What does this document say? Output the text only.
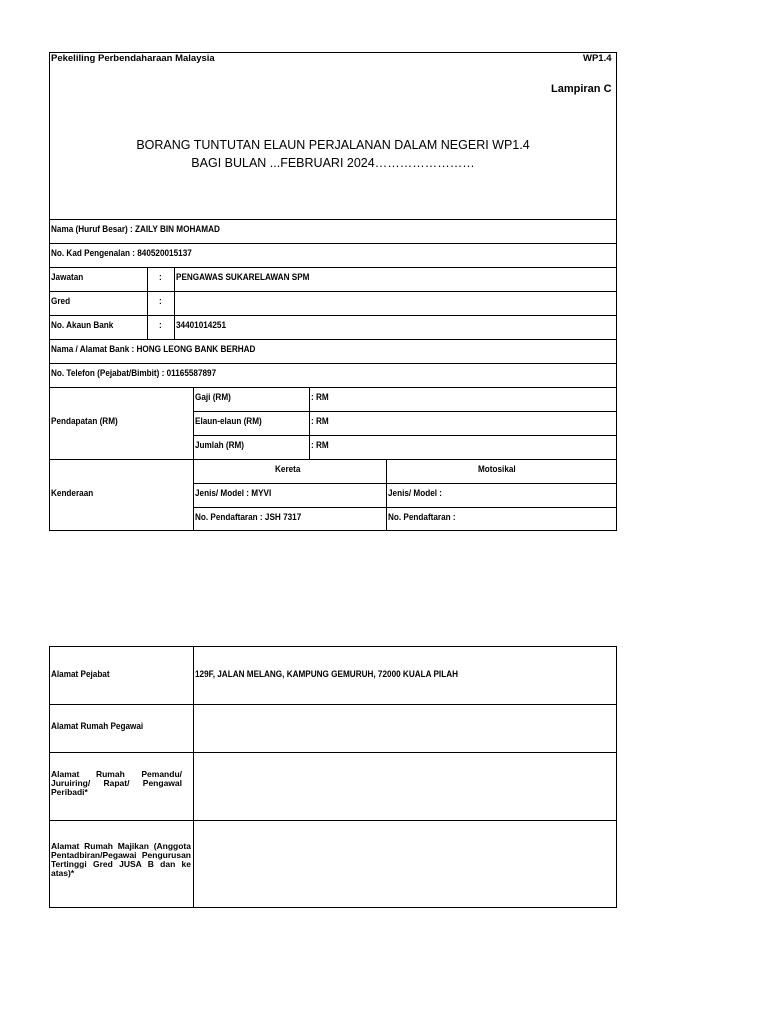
Pekeliling Perbendaharaan Malaysia	WP1.4
Lampiran C
BORANG TUNTUTAN ELAUN PERJALANAN DALAM NEGERI WP1.4
BAGI BULAN ...FEBRUARI 2024……………………
Nama (Huruf Besar) : ZAILY BIN MOHAMAD
No. Kad Pengenalan : 840520015137
Jawatan	: PENGAWAS SUKARELAWAN SPM
Gred	:
No. Akaun Bank	: 34401014251
Nama / Alamat Bank : HONG LEONG BANK BERHAD
No. Telefon (Pejabat/Bimbit) : 01165587897
Pendapatan (RM)
Gaji (RM)	: RM
Elaun-elaun (RM)	: RM
Jumlah (RM)	: RM
Kenderaan
Kereta	Motosikal
Jenis/ Model : MYVI	Jenis/ Model :
No. Pendaftaran : JSH 7317	No. Pendaftaran :
Alamat Pejabat	129F, JALAN MELANG, KAMPUNG GEMURUH, 72000 KUALA PILAH
Alamat Rumah Pegawai
Alamat Rumah Pemandu/ Juruiring/ Rapat/ Pengawal Peribadi*
Alamat Rumah Majikan (Anggota Pentadbiran/Pegawai Pengurusan Tertinggi Gred JUSA B dan ke atas)*
